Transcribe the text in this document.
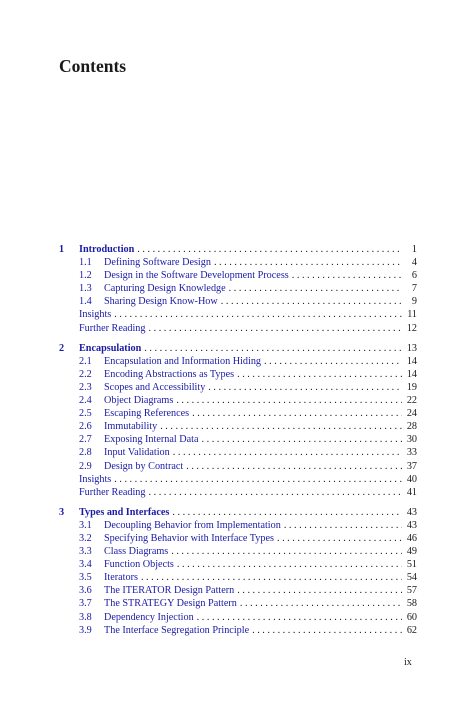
Contents
1	Introduction . . .	1
1.1	Defining Software Design . . .	4
1.2	Design in the Software Development Process . . .	6
1.3	Capturing Design Knowledge . . .	7
1.4	Sharing Design Know-How . . .	9
Insights . . .	11
Further Reading . . .	12
2	Encapsulation . . .	13
2.1	Encapsulation and Information Hiding . . .	14
2.2	Encoding Abstractions as Types . . .	14
2.3	Scopes and Accessibility . . .	19
2.4	Object Diagrams . . .	22
2.5	Escaping References . . .	24
2.6	Immutability . . .	28
2.7	Exposing Internal Data . . .	30
2.8	Input Validation . . .	33
2.9	Design by Contract . . .	37
Insights . . .	40
Further Reading . . .	41
3	Types and Interfaces . . .	43
3.1	Decoupling Behavior from Implementation . . .	43
3.2	Specifying Behavior with Interface Types . . .	46
3.3	Class Diagrams . . .	49
3.4	Function Objects . . .	51
3.5	Iterators . . .	54
3.6	The ITERATOR Design Pattern . . .	57
3.7	The STRATEGY Design Pattern . . .	58
3.8	Dependency Injection . . .	60
3.9	The Interface Segregation Principle . . .	62
ix
